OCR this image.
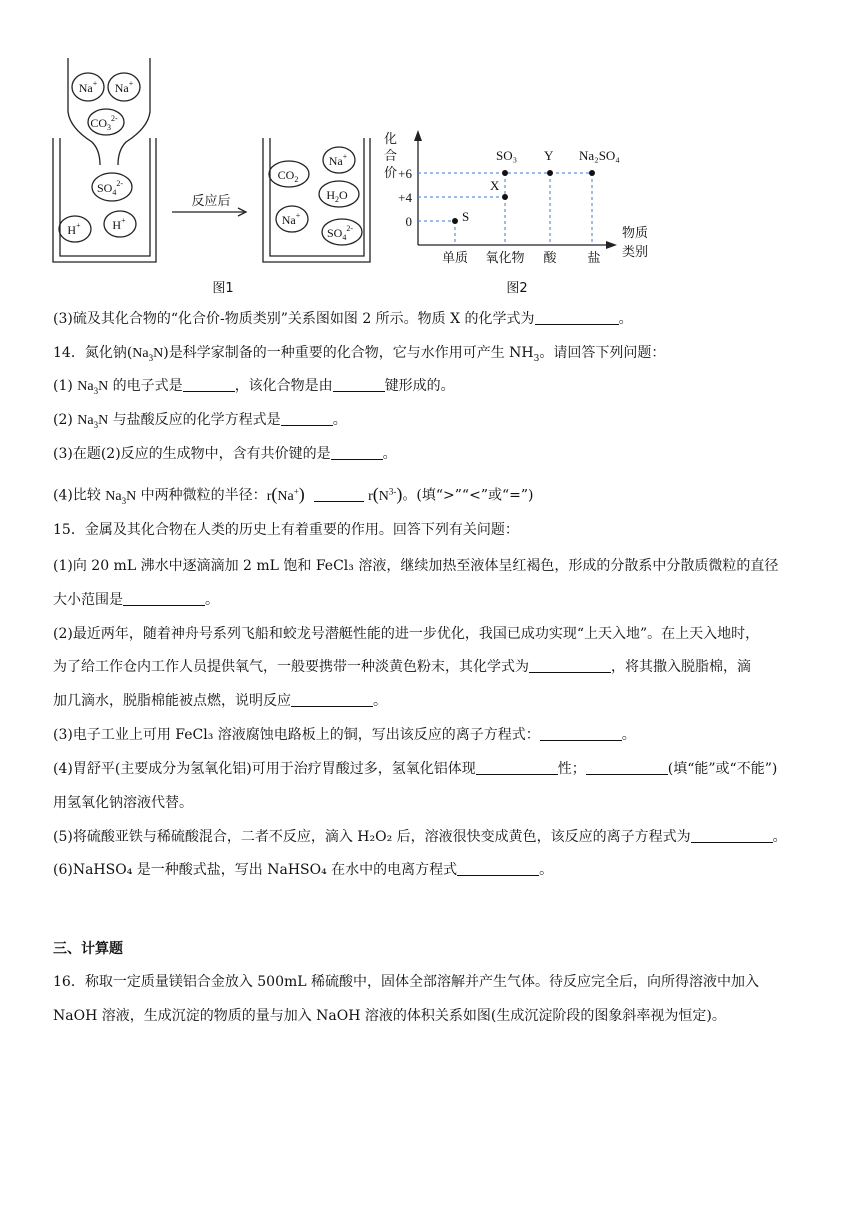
Na+ Na+
$CO_3^{2-}$
$SO_4^{2-}$
H+	H+
Na+
$CO_2$
$H_2O$
Na+
$SO_4^{2-}$
反应后
图1
化
合
价
物质
类别
单质 氧化物 酸 盐
图2
+6
+4
0	S
X
SO₃ Y Na₂SO₄
(3)硫及其化合物的“化合价-物质类别”关系图如图 2 所示。物质 X 的化学式为	。
14．氮化钠$(Na_3N)$是科学家制备的一种重要的化合物，它与水作用可产生 $NH_3$。请回答下列问题：
(1) $Na_3N$ 的电子式是	，该化合物是由	键形成的。
(2) $Na_3N$ 与盐酸反应的化学方程式是	。
(3)在题(2)反应的生成物中，含有共价键的是	。
(4)比较 $Na_3N$ 中两种微粒的半径：r(Na+)	$r(N^{3-})$。(填“>”“<”或“=”)
15．金属及其化合物在人类的历史上有着重要的作用。回答下列有关问题：
(1)向 20 mL 沸水中逐滴滴加 2 mL 饱和 FeCl₃ 溶液，继续加热至液体呈红褐色，形成的分散系中分散质微粒的直径
大小范围是	。
(2)最近两年，随着神舟号系列飞船和蛟龙号潜艇性能的进一步优化，我国已成功实现“上天入地”。在上天入地时，
为了给工作仓内工作人员提供氧气，一般要携带一种淡黄色粉末，其化学式为	，将其撒入脱脂棉，滴
加几滴水，脱脂棉能被点燃，说明反应	。
(3)电子工业上可用 FeCl₃ 溶液腐蚀电路板上的铜，写出该反应的离子方程式：	。
(4)胃舒平(主要成分为氢氧化铝)可用于治疗胃酸过多，氢氧化铝体现	性；	(填“能”或“不能”)
用氢氧化钠溶液代替。
(5)将硫酸亚铁与稀硫酸混合，二者不反应，滴入 H₂O₂ 后，溶液很快变成黄色，该反应的离子方程式为	。
(6)NaHSO₄ 是一种酸式盐，写出 NaHSO₄ 在水中的电离方程式	。
三、计算题
16．称取一定质量镁铝合金放入 500mL 稀硫酸中，固体全部溶解并产生气体。待反应完全后，向所得溶液中加入
NaOH 溶液，生成沉淀的物质的量与加入 NaOH 溶液的体积关系如图(生成沉淀阶段的图象斜率视为恒定)。
